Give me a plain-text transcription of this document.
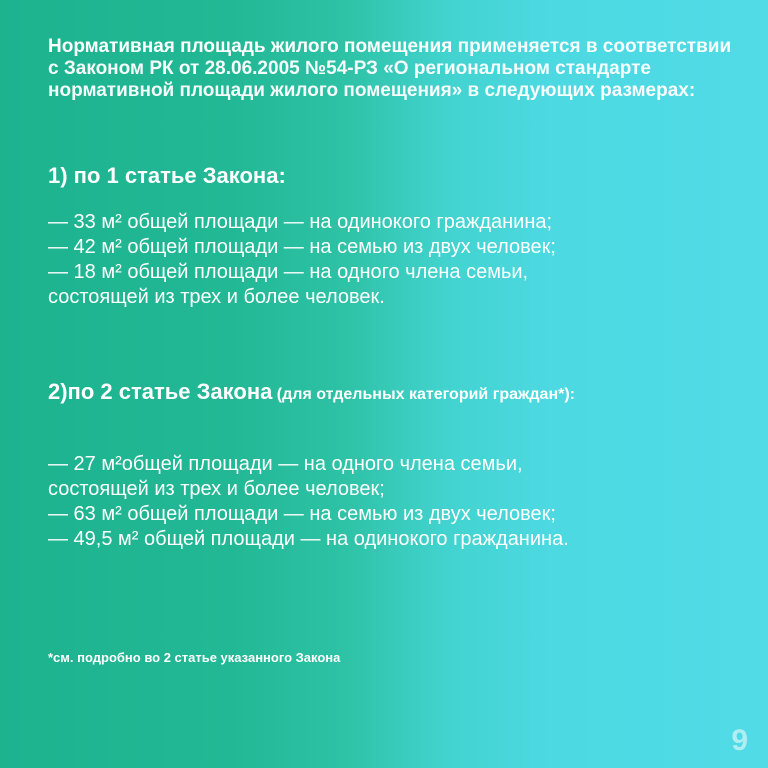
Нормативная площадь жилого помещения применяется в соответствии с Законом РК от 28.06.2005 №54-РЗ «О региональном стандарте нормативной площади жилого помещения» в следующих размерах:

1) по 1 статье Закона:
— 33 м² общей площади — на одинокого гражданина;
— 42 м² общей площади — на семью из двух человек;
— 18 м² общей площади — на одного члена семьи, состоящей из трех и более человек.
2)по 2 статье Закона (для отдельных категорий граждан*):
— 27 м²общей площади — на одного члена семьи, состоящей из трех и более человек;
— 63 м² общей площади — на семью из двух человек;
— 49,5 м² общей площади — на одинокого гражданина.

*см. подробно во 2 статье указанного Закона

9
